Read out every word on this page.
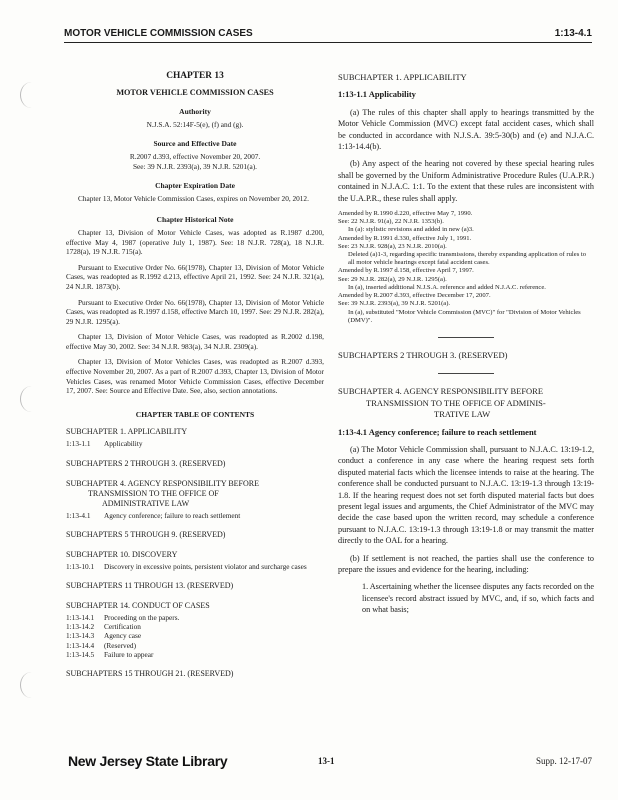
MOTOR VEHICLE COMMISSION CASES	1:13-4.1
CHAPTER 13
MOTOR VEHICLE COMMISSION CASES
Authority
N.J.S.A. 52:14F-5(e), (f) and (g).
Source and Effective Date
R.2007 d.393, effective November 20, 2007.
See: 39 N.J.R. 2393(a), 39 N.J.R. 5201(a).
Chapter Expiration Date

Chapter 13, Motor Vehicle Commission Cases, expires on November 20, 2012.

Chapter Historical Note

Chapter 13, Division of Motor Vehicle Cases, was adopted as R.1987 d.200, effective May 4, 1987 (operative July 1, 1987). See: 18 N.J.R. 728(a), 18 N.J.R. 1728(a), 19 N.J.R. 715(a).

Pursuant to Executive Order No. 66(1978), Chapter 13, Division of Motor Vehicle Cases, was readopted as R.1992 d.213, effective April 21, 1992. See: 24 N.J.R. 321(a), 24 N.J.R. 1873(b).

Pursuant to Executive Order No. 66(1978), Chapter 13, Division of Motor Vehicle Cases, was readopted as R.1997 d.158, effective March 10, 1997. See: 29 N.J.R. 282(a), 29 N.J.R. 1295(a).

Chapter 13, Division of Motor Vehicle Cases, was readopted as R.2002 d.198, effective May 30, 2002. See: 34 N.J.R. 983(a), 34 N.J.R. 2309(a).

Chapter 13, Division of Motor Vehicles Cases, was readopted as R.2007 d.393, effective November 20, 2007. As a part of R.2007 d.393, Chapter 13, Division of Motor Vehicles Cases, was renamed Motor Vehicle Commission Cases, effective December 17, 2007. See: Source and Effective Date. See, also, section annotations.

CHAPTER TABLE OF CONTENTS
SUBCHAPTER 1. APPLICABILITY
1:13-1.1	Applicability
SUBCHAPTERS 2 THROUGH 3. (RESERVED)
SUBCHAPTER 4. AGENCY RESPONSIBILITY BEFORE
TRANSMISSION TO THE OFFICE OF
ADMINISTRATIVE LAW
1:13-4.1	Agency conference; failure to reach settlement
SUBCHAPTERS 5 THROUGH 9. (RESERVED)
SUBCHAPTER 10. DISCOVERY
1:13-10.1	Discovery in excessive points, persistent violator and surcharge cases
SUBCHAPTERS 11 THROUGH 13. (RESERVED)
SUBCHAPTER 14. CONDUCT OF CASES
1:13-14.1	Proceeding on the papers.
1:13-14.2	Certification
1:13-14.3	Agency case
1:13-14.4	(Reserved)
1:13-14.5	Failure to appear
SUBCHAPTERS 15 THROUGH 21. (RESERVED)
SUBCHAPTER 1. APPLICABILITY
1:13-1.1 Applicability

(a) The rules of this chapter shall apply to hearings transmitted by the Motor Vehicle Commission (MVC) except fatal accident cases, which shall be conducted in accordance with N.J.S.A. 39:5-30(b) and (e) and N.J.A.C. 1:13-14.4(b).

(b) Any aspect of the hearing not covered by these special hearing rules shall be governed by the Uniform Administrative Procedure Rules (U.A.P.R.) contained in N.J.A.C. 1:1. To the extent that these rules are inconsistent with the U.A.P.R., these rules shall apply.

Amended by R.1990 d.220, effective May 7, 1990.
See: 22 N.J.R. 91(a), 22 N.J.R. 1353(b).
In (a): stylistic revisions and added in new (a)3.
Amended by R.1991 d.330, effective July 1, 1991.
See: 23 N.J.R. 928(a), 23 N.J.R. 2010(a).
Deleted (a)1-3, regarding specific transmissions, thereby expanding application of rules to all motor vehicle hearings except fatal accident cases.
Amended by R.1997 d.158, effective April 7, 1997.
See: 29 N.J.R. 282(a), 29 N.J.R. 1295(a).
In (a), inserted additional N.J.S.A. reference and added N.J.A.C. reference.
Amended by R.2007 d.393, effective December 17, 2007.
See: 39 N.J.R. 2393(a), 39 N.J.R. 5201(a).
In (a), substituted "Motor Vehicle Commission (MVC)" for "Division of Motor Vehicles (DMV)".
SUBCHAPTERS 2 THROUGH 3. (RESERVED)
SUBCHAPTER 4. AGENCY RESPONSIBILITY BEFORE
TRANSMISSION TO THE OFFICE OF ADMINIS-
TRATIVE LAW
1:13-4.1 Agency conference; failure to reach settlement

(a) The Motor Vehicle Commission shall, pursuant to N.J.A.C. 13:19-1.2, conduct a conference in any case where the hearing request sets forth disputed material facts which the licensee intends to raise at the hearing. The conference shall be conducted pursuant to N.J.A.C. 13:19-1.3 through 13:19-1.8. If the hearing request does not set forth disputed material facts but does present legal issues and arguments, the Chief Administrator of the MVC may decide the case based upon the written record, may schedule a conference pursuant to N.J.A.C. 13:19-1.3 through 13:19-1.8 or may transmit the matter directly to the OAL for a hearing.

(b) If settlement is not reached, the parties shall use the conference to prepare the issues and evidence for the hearing, including:

1. Ascertaining whether the licensee disputes any facts recorded on the licensee's record abstract issued by MVC, and, if so, which facts and on what basis;

New Jersey State Library	13-1	Supp. 12-17-07
